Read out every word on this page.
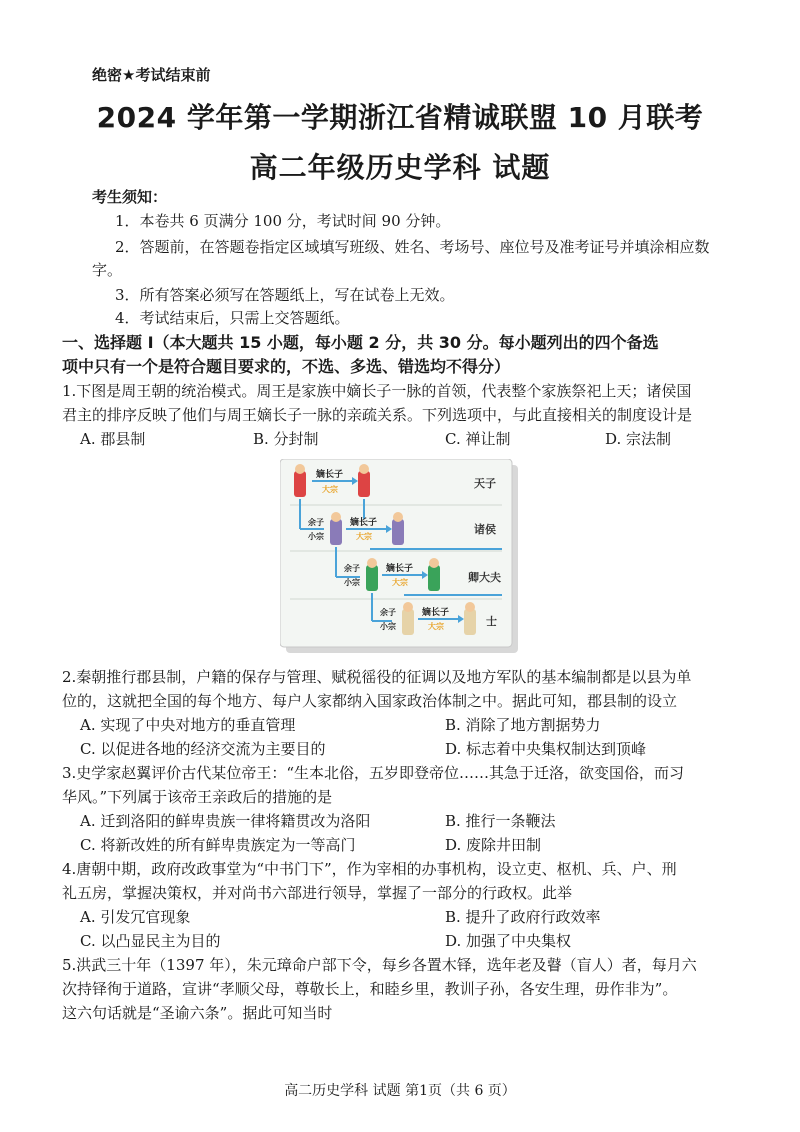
绝密★考试结束前
2024 学年第一学期浙江省精诚联盟 10 月联考
高二年级历史学科 试题
考生须知：
1．本卷共 6 页满分 100 分，考试时间 90 分钟。
2．答题前，在答题卷指定区域填写班级、姓名、考场号、座位号及准考证号并填涂相应数
字。
3．所有答案必须写在答题纸上，写在试卷上无效。
4．考试结束后，只需上交答题纸。
一、选择题 I（本大题共 15 小题，每小题 2 分，共 30 分。每小题列出的四个备选
项中只有一个是符合题目要求的，不选、多选、错选均不得分）
1.下图是周王朝的统治模式。周王是家族中嫡长子一脉的首领，代表整个家族祭祀上天；诸侯国
君主的排序反映了他们与周王嫡长子一脉的亲疏关系。下列选项中，与此直接相关的制度设计是
A. 郡县制	B. 分封制	C. 禅让制	D. 宗法制
嫡长子
大宗	天子
余子
小宗
嫡长子
大宗
诸侯
余子
小宗
嫡长子
大宗	卿大夫
余子
小宗
嫡长子
大宗	士
2.秦朝推行郡县制，户籍的保存与管理、赋税徭役的征调以及地方军队的基本编制都是以县为单
位的，这就把全国的每个地方、每户人家都纳入国家政治体制之中。据此可知，郡县制的设立
A. 实现了中央对地方的垂直管理	B. 消除了地方割据势力
C. 以促进各地的经济交流为主要目的	D. 标志着中央集权制达到顶峰
3.史学家赵翼评价古代某位帝王：“生本北俗，五岁即登帝位……其急于迁洛，欲变国俗，而习
华风。”下列属于该帝王亲政后的措施的是
A. 迁到洛阳的鲜卑贵族一律将籍贯改为洛阳	B. 推行一条鞭法
C. 将新改姓的所有鲜卑贵族定为一等高门	D. 废除井田制
4.唐朝中期，政府改政事堂为“中书门下”，作为宰相的办事机构，设立吏、枢机、兵、户、刑
礼五房，掌握决策权，并对尚书六部进行领导，掌握了一部分的行政权。此举
A. 引发冗官现象	B. 提升了政府行政效率
C. 以凸显民主为目的	D. 加强了中央集权
5.洪武三十年（1397 年），朱元璋命户部下令，每乡各置木铎，选年老及瞽（盲人）者，每月六
次持铎徇于道路，宣讲“孝顺父母，尊敬长上，和睦乡里，教训子孙，各安生理，毋作非为”。
这六句话就是“圣谕六条”。据此可知当时
高二历史学科 试题 第1页（共 6 页）
